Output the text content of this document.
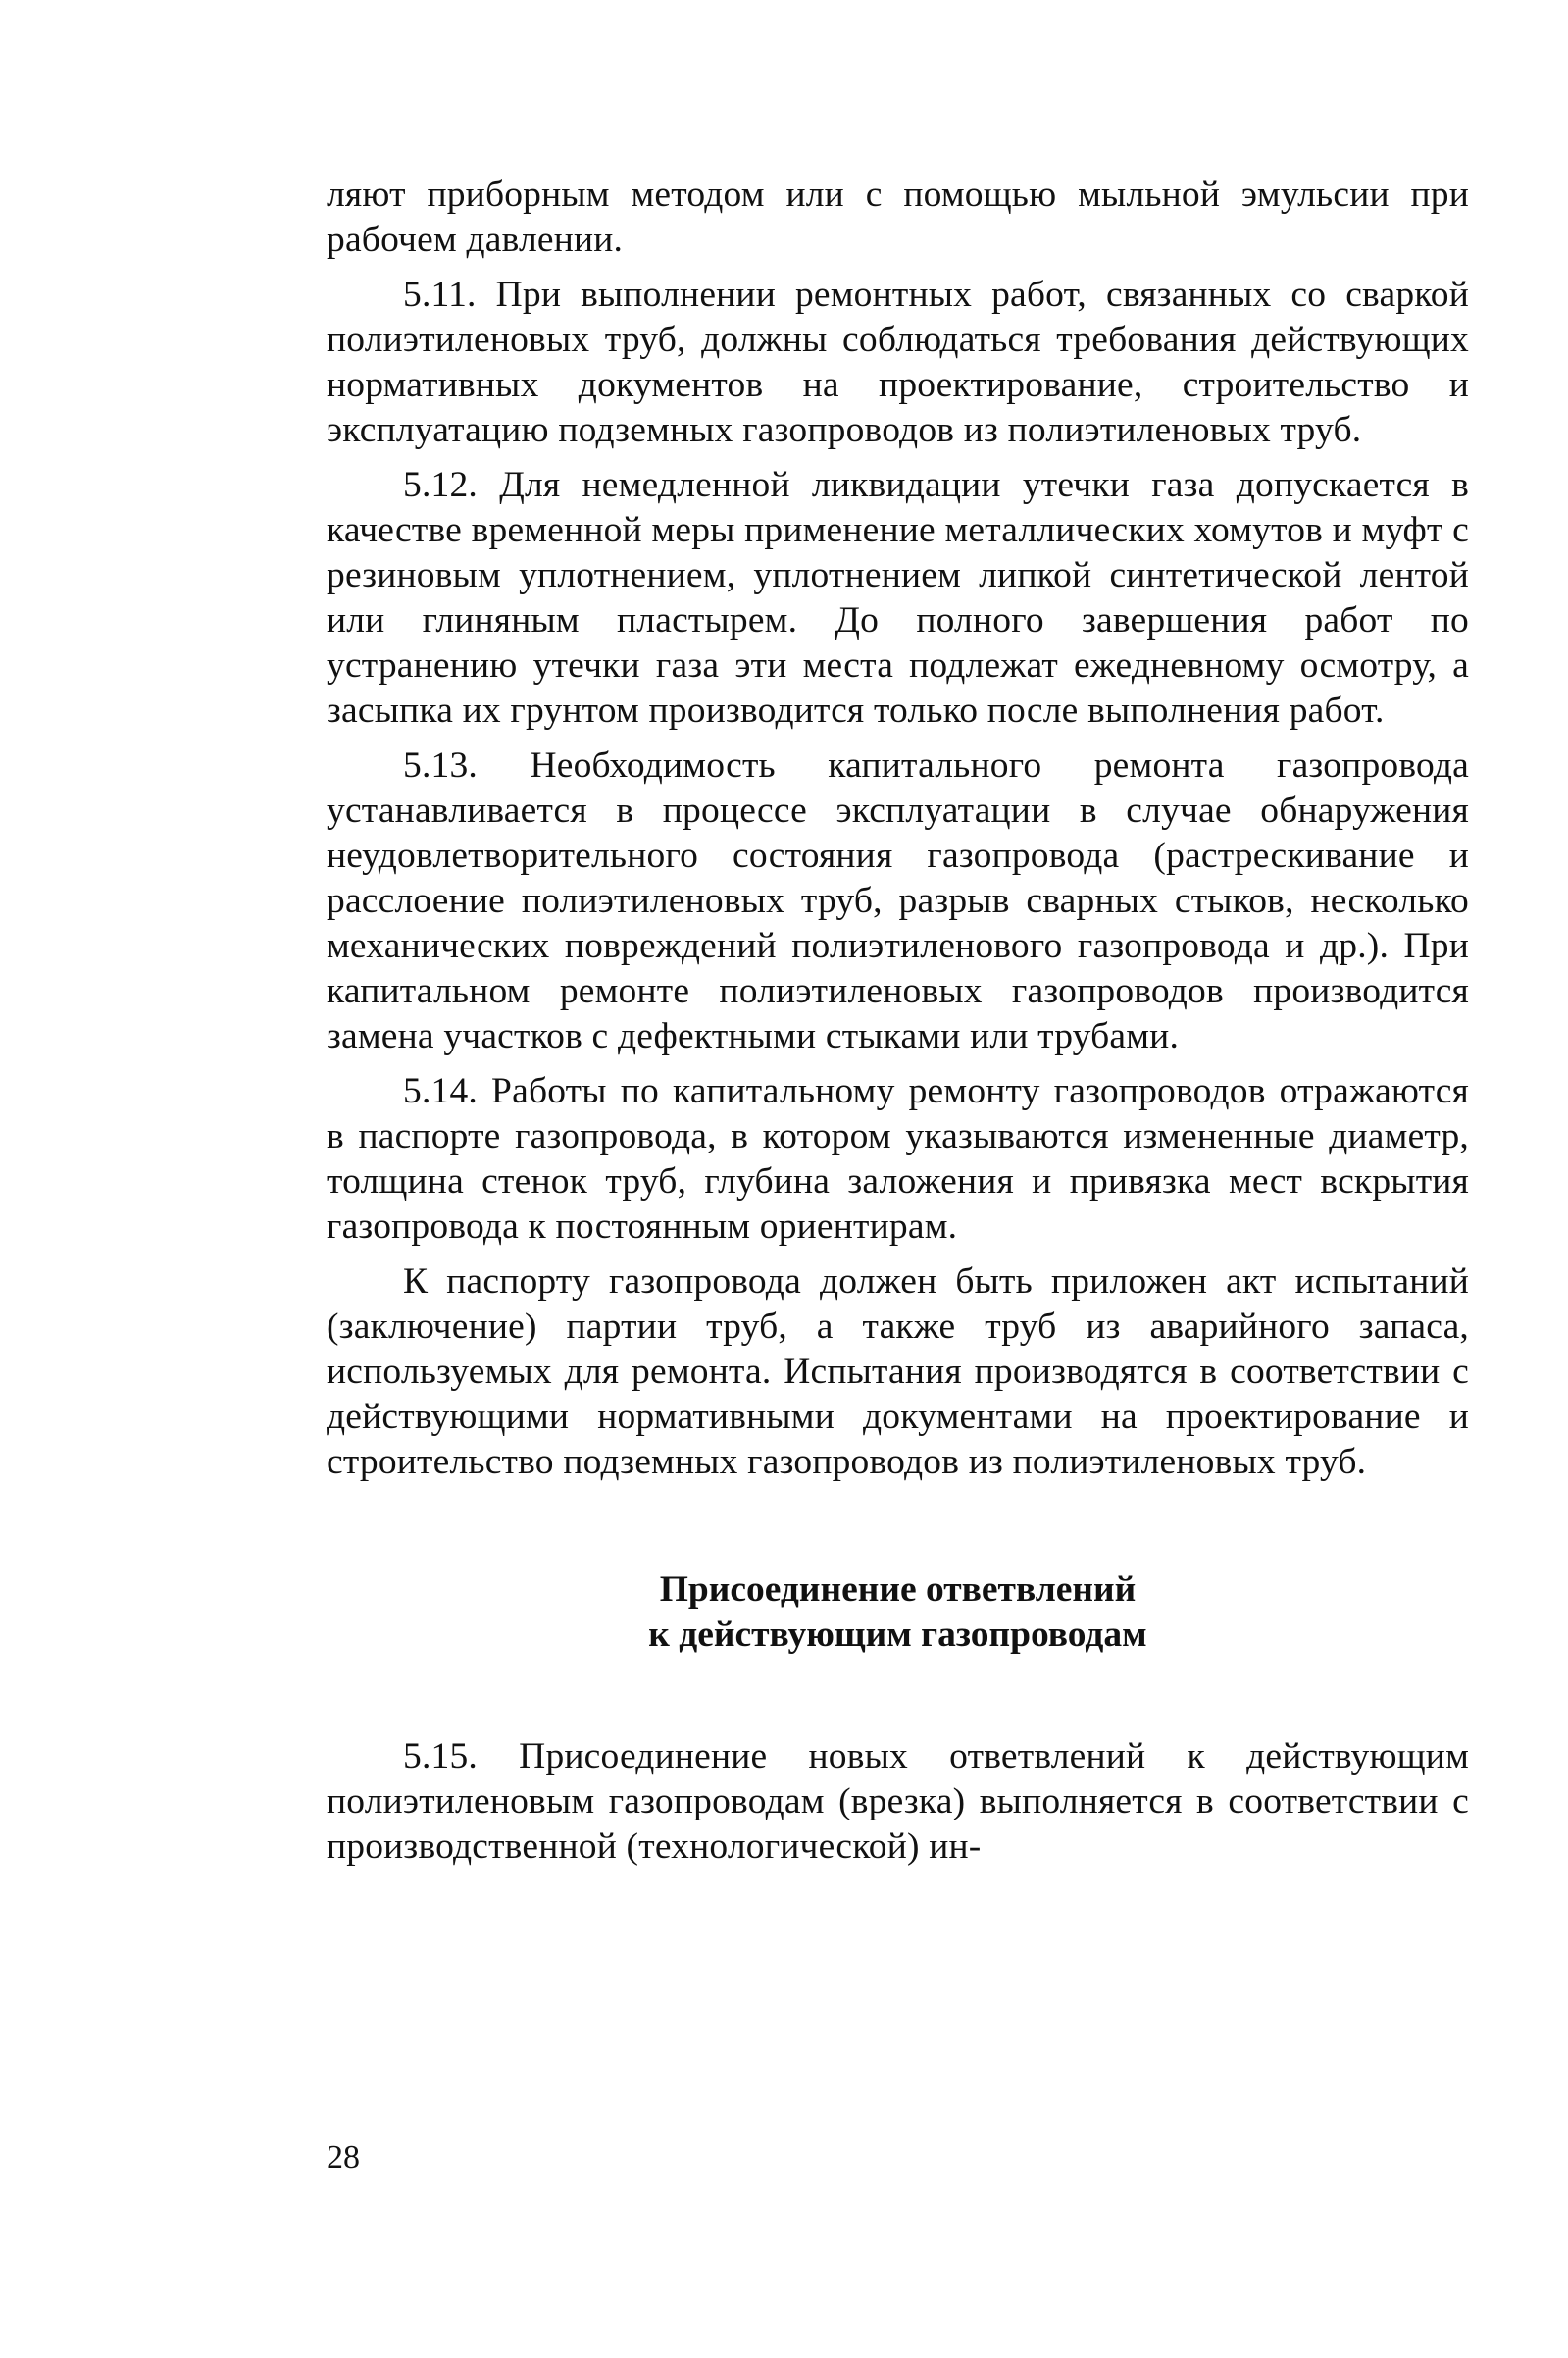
ляют приборным методом или с помощью мыльной эмульсии при рабочем давлении.

5.11. При выполнении ремонтных работ, связанных со сваркой полиэтиленовых труб, должны соблюдаться требования действующих нормативных документов на проектирование, строительство и эксплуатацию подземных газопроводов из полиэтиленовых труб.

5.12. Для немедленной ликвидации утечки газа допускается в качестве временной меры применение металлических хомутов и муфт с резиновым уплотнением, уплотнением липкой синтетической лентой или глиняным пластырем. До полного завершения работ по устранению утечки газа эти места подлежат ежедневному осмотру, а засыпка их грунтом производится только после выполнения работ.

5.13. Необходимость капитального ремонта газопровода устанавливается в процессе эксплуатации в случае обнаружения неудовлетворительного состояния газопровода (растрескивание и расслоение полиэтиленовых труб, разрыв сварных стыков, несколько механических повреждений полиэтиленового газопровода и др.). При капитальном ремонте полиэтиленовых газопроводов производится замена участков с дефектными стыками или трубами.

5.14. Работы по капитальному ремонту газопроводов отражаются в паспорте газопровода, в котором указываются измененные диаметр, толщина стенок труб, глубина заложения и привязка мест вскрытия газопровода к постоянным ориентирам.

К паспорту газопровода должен быть приложен акт испытаний (заключение) партии труб, а также труб из аварийного запаса, используемых для ремонта. Испытания производятся в соответствии с действующими нормативными документами на проектирование и строительство подземных газопроводов из полиэтиленовых труб.

Присоединение ответвлений

к действующим газопроводам

5.15. Присоединение новых ответвлений к действующим полиэтиленовым газопроводам (врезка) выполняется в соответствии с производственной (технологической) ин-

28
